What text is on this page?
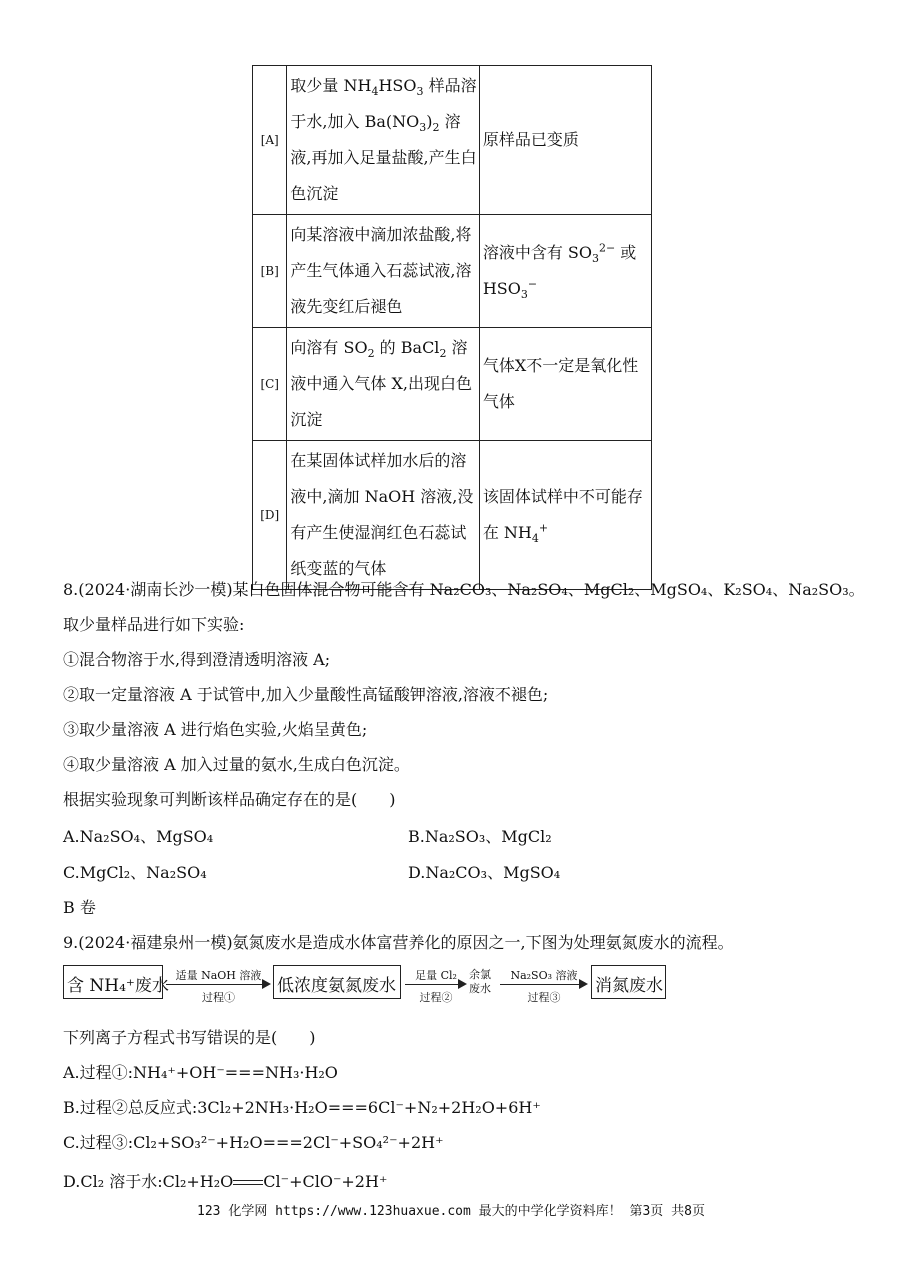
[A]	取少量 $NH_4HSO_3$ 样品溶于水,加入 $Ba(NO_3)_2$ 溶液,再加入足量盐酸,产生白色沉淀	原样品已变质
[B]	向某溶液中滴加浓盐酸,将产生气体通入石蕊试液,溶液先变红后褪色	溶液中含有 $SO_3^{2-}$ 或 $HSO_3^-$
[C]	向溶有 $SO_2$ 的 BaCl$_2$ 溶液中通入气体 X,出现白色沉淀	气体X不一定是氧化性气体
[D]	在某固体试样加水后的溶液中,滴加 NaOH 溶液,没有产生使湿润红色石蕊试纸变蓝的气体	该固体试样中不可能存在 $NH_4^+$
8.(2024·湖南长沙一模)某白色固体混合物可能含有 Na₂CO₃、Na₂SO₄、MgCl₂、MgSO₄、K₂SO₄、Na₂SO₃。
取少量样品进行如下实验:
①混合物溶于水,得到澄清透明溶液 A;
②取一定量溶液 A 于试管中,加入少量酸性高锰酸钾溶液,溶液不褪色;
③取少量溶液 A 进行焰色实验,火焰呈黄色;
④取少量溶液 A 加入过量的氨水,生成白色沉淀。
根据实验现象可判断该样品确定存在的是(　　)
A.Na₂SO₄、MgSO₄	B.Na₂SO₃、MgCl₂
C.MgCl₂、Na₂SO₄	D.Na₂CO₃、MgSO₄
B 卷
9.(2024·福建泉州一模)氨氮废水是造成水体富营养化的原因之一,下图为处理氨氮废水的流程。
含 NH₄⁺废水
适量 NaOH 溶液
过程①
低浓度氨氮废水
足量 Cl₂
过程②
余氯废水
Na₂SO₃ 溶液
过程③
消氮废水
下列离子方程式书写错误的是(　　)
A.过程①:NH₄⁺+OH⁻===NH₃·H₂O
B.过程②总反应式:3Cl₂+2NH₃·H₂O===6Cl⁻+N₂+2H₂O+6H⁺
C.过程③:Cl₂+SO₃²⁻+H₂O===2Cl⁻+SO₄²⁻+2H⁺
D.Cl₂ 溶于水:Cl₂+H₂O Cl⁻+ClO⁻+2H⁺
123 化学网 https://www.123huaxue.com 最大的中学化学资料库！ 第3页 共8页
